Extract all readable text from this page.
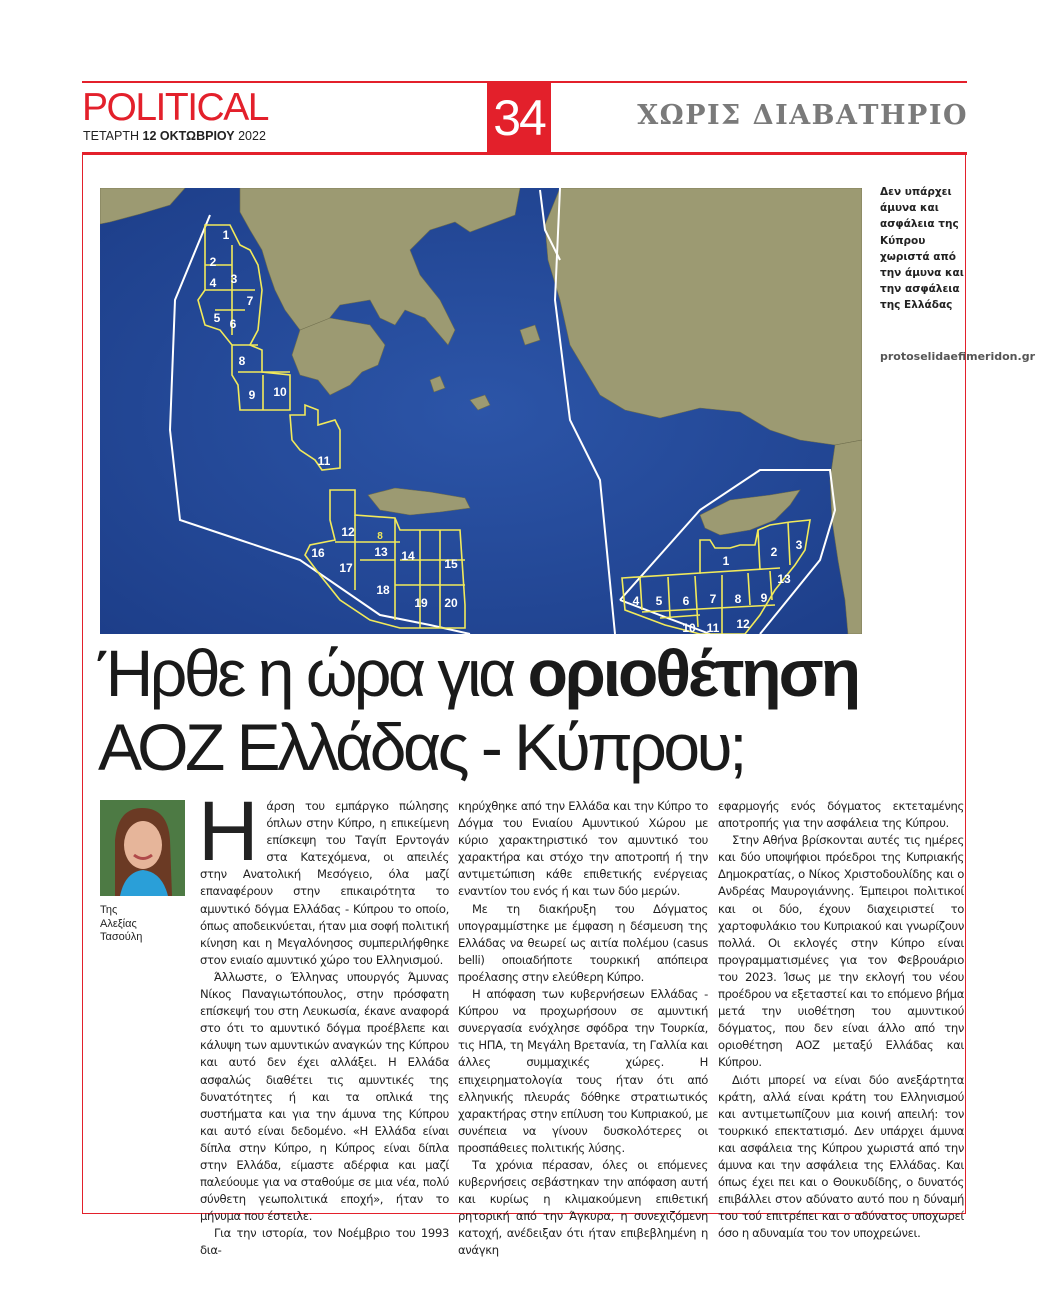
POLITICAL
ΤΕΤΑΡΤΗ 12 ΟΚΤΩΒΡΙΟΥ 2022	34	ΧΩΡΙΣ ΔΙΑΒΑΤΗΡΙΟ
1
2
3
4
5 6
7
8
9 10
11
12 8
13 14
15
16
17
18
19 20
1
2 3
13
4 5 6 7 8 9
10 11 12
Δεν υπάρχει άμυνα και ασφάλεια της Κύπρου χωριστά από την άμυνα και την ασφάλεια της Ελλάδας
protoselidaefimeridon.gr
Ήρθε η ώρα για οριοθέτηση
ΑΟΖ Ελλάδας - Κύπρου;
Της
Αλεξίας
Τασούλη
Η άρση του εμπάργκο πώλησης όπλων στην Κύπρο, η επικείμενη επίσκεψη του Ταγίπ Ερντογάν στα Κατεχόμενα, οι απειλές στην Ανατολική Μεσόγειο, όλα μαζί επαναφέρουν στην επικαιρότητα το αμυντικό δόγμα Ελλάδας - Κύπρου το οποίο, όπως αποδεικνύεται, ήταν μια σοφή πολιτική κίνηση και η Μεγαλόνησος συμπεριλήφθηκε στον ενιαίο αμυντικό χώρο του Ελληνισμού.

Άλλωστε, ο Έλληνας υπουργός Άμυνας Νίκος Παναγιωτόπουλος, στην πρόσφατη επίσκεψή του στη Λευκωσία, έκανε αναφορά στο ότι το αμυντικό δόγμα προέβλεπε και κάλυψη των αμυντικών αναγκών της Κύπρου και αυτό δεν έχει αλλάξει. Η Ελλάδα ασφαλώς διαθέτει τις αμυντικές της δυνατότητες ή και τα οπλικά της συστήματα και για την άμυνα της Κύπρου και αυτό είναι δεδομένο. «Η Ελλάδα είναι δίπλα στην Κύπρο, η Κύπρος είναι δίπλα στην Ελλάδα, είμαστε αδέρφια και μαζί παλεύουμε για να σταθούμε σε μια νέα, πολύ σύνθετη γεωπολιτικά εποχή», ήταν το μήνυμα που έστειλε.

Για την ιστορία, τον Νοέμβριο του 1993 δια-

κηρύχθηκε από την Ελλάδα και την Κύπρο το Δόγμα του Ενιαίου Αμυντικού Χώρου με κύριο χαρακτηριστικό τον αμυντικό του χαρακτήρα και στόχο την αποτροπή ή την αντιμετώπιση κάθε επιθετικής ενέργειας εναντίον του ενός ή και των δύο μερών.

Με τη διακήρυξη του Δόγματος υπογραμμίστηκε με έμφαση η δέσμευση της Ελλάδας να θεωρεί ως αιτία πολέμου (casus belli) οποιαδήποτε τουρκική απόπειρα προέλασης στην ελεύθερη Κύπρο.

Η απόφαση των κυβερνήσεων Ελλάδας - Κύπρου να προχωρήσουν σε αμυντική συνεργασία ενόχλησε σφόδρα την Τουρκία, τις ΗΠΑ, τη Μεγάλη Βρετανία, τη Γαλλία και άλλες συμμαχικές χώρες. Η επιχειρηματολογία τους ήταν ότι από ελληνικής πλευράς δόθηκε στρατιωτικός χαρακτήρας στην επίλυση του Κυπριακού, με συνέπεια να γίνουν δυσκολότερες οι προσπάθειες πολιτικής λύσης.

Τα χρόνια πέρασαν, όλες οι επόμενες κυβερνήσεις σεβάστηκαν την απόφαση αυτή και κυρίως η κλιμακούμενη επιθετική ρητορική από την Άγκυρα, η συνεχιζόμενη κατοχή, ανέδειξαν ότι ήταν επιβεβλημένη η ανάγκη

εφαρμογής ενός δόγματος εκτεταμένης αποτροπής για την ασφάλεια της Κύπρου.

Στην Αθήνα βρίσκονται αυτές τις ημέρες και δύο υποψήφιοι πρόεδροι της Κυπριακής Δημοκρατίας, ο Νίκος Χριστοδουλίδης και ο Ανδρέας Μαυρογιάννης. Έμπειροι πολιτικοί και οι δύο, έχουν διαχειριστεί το χαρτοφυλάκιο του Κυπριακού και γνωρίζουν πολλά. Οι εκλογές στην Κύπρο είναι προγραμματισμένες για τον Φεβρουάριο του 2023. Ίσως με την εκλογή του νέου προέδρου να εξεταστεί και το επόμενο βήμα μετά την υιοθέτηση του αμυντικού δόγματος, που δεν είναι άλλο από την οριοθέτηση ΑΟΖ μεταξύ Ελλάδας και Κύπρου.

Διότι μπορεί να είναι δύο ανεξάρτητα κράτη, αλλά είναι κράτη του Ελληνισμού και αντιμετωπίζουν μια κοινή απειλή: τον τουρκικό επεκτατισμό. Δεν υπάρχει άμυνα και ασφάλεια της Κύπρου χωριστά από την άμυνα και την ασφάλεια της Ελλάδας. Και όπως έχει πει και ο Θουκυδίδης, ο δυνατός επιβάλλει στον αδύνατο αυτό που η δύναμή του τού επιτρέπει και ο αδύνατος υποχωρεί όσο η αδυναμία του τον υποχρεώνει.
